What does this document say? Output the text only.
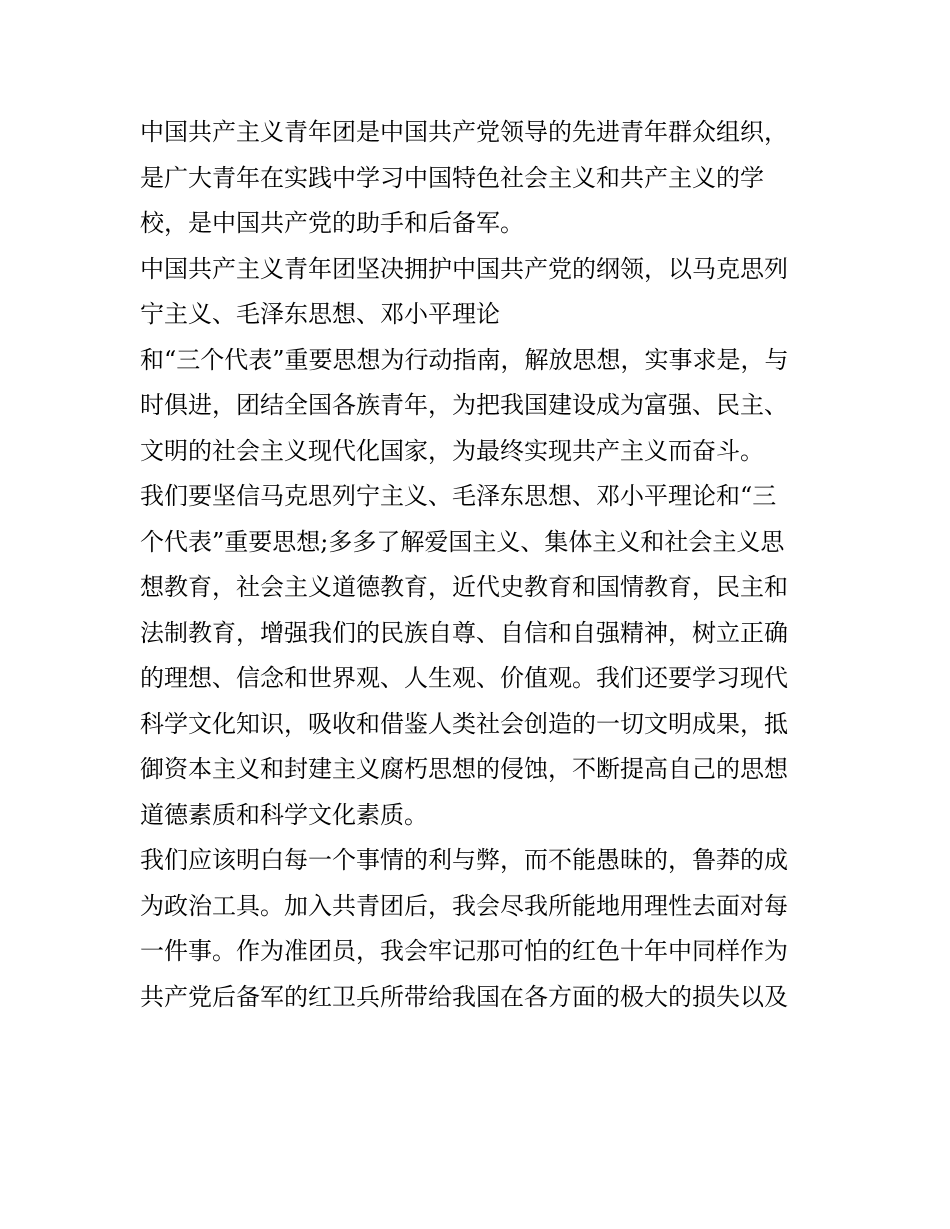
中国共产主义青年团是中国共产党领导的先进青年群众组织，
是广大青年在实践中学习中国特色社会主义和共产主义的学
校，是中国共产党的助手和后备军。
中国共产主义青年团坚决拥护中国共产党的纲领，以马克思列
宁主义、毛泽东思想、邓小平理论
和“三个代表”重要思想为行动指南，解放思想，实事求是，与
时俱进，团结全国各族青年，为把我国建设成为富强、民主、
文明的社会主义现代化国家，为最终实现共产主义而奋斗。
我们要坚信马克思列宁主义、毛泽东思想、邓小平理论和“三
个代表”重要思想;多多了解爱国主义、集体主义和社会主义思
想教育，社会主义道德教育，近代史教育和国情教育，民主和
法制教育，增强我们的民族自尊、自信和自强精神，树立正确
的理想、信念和世界观、人生观、价值观。我们还要学习现代
科学文化知识，吸收和借鉴人类社会创造的一切文明成果，抵
御资本主义和封建主义腐朽思想的侵蚀，不断提高自己的思想
道德素质和科学文化素质。
我们应该明白每一个事情的利与弊，而不能愚昧的，鲁莽的成
为政治工具。加入共青团后，我会尽我所能地用理性去面对每
一件事。作为准团员，我会牢记那可怕的红色十年中同样作为
共产党后备军的红卫兵所带给我国在各方面的极大的损失以及
